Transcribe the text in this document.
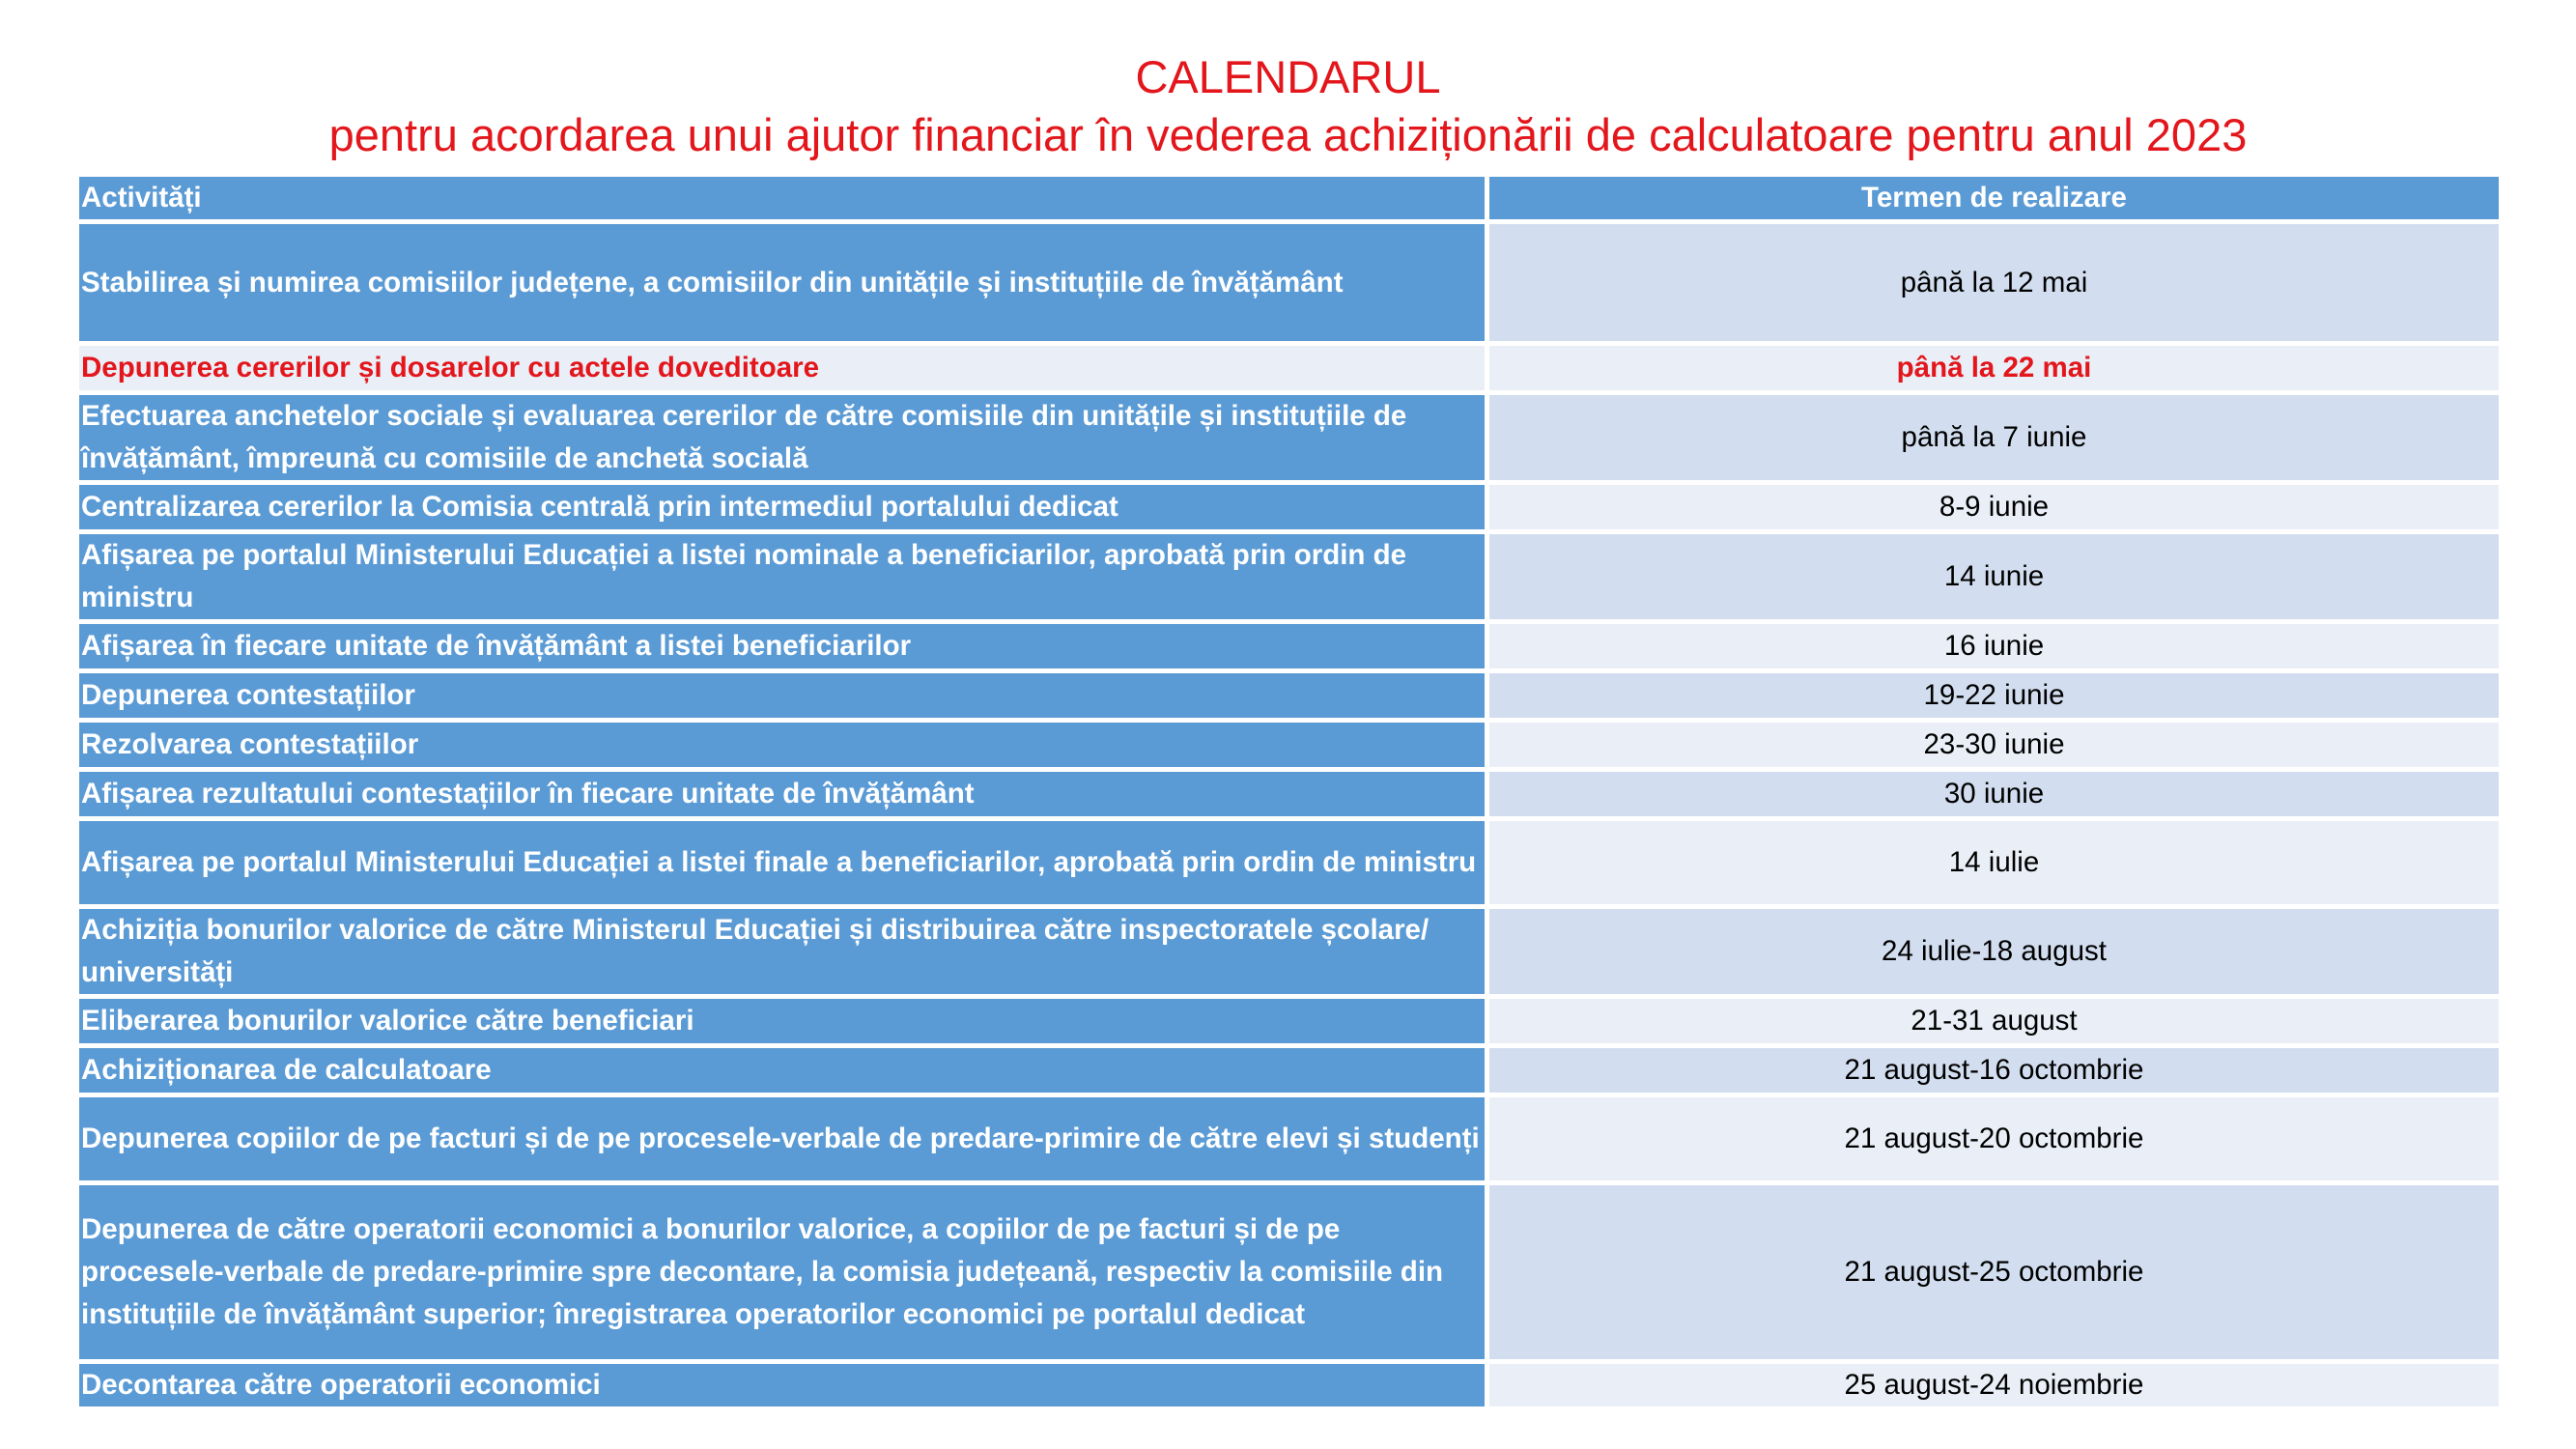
CALENDARUL
pentru acordarea unui ajutor financiar în vederea achiziționării de calculatoare pentru anul 2023
Activități	Termen de realizare
Stabilirea și numirea comisiilor județene, a comisiilor din unitățile și instituțiile de învățământ	până la 12 mai
Depunerea cererilor și dosarelor cu actele doveditoare	până la 22 mai
Efectuarea anchetelor sociale și evaluarea cererilor de către comisiile din unitățile și instituțiile de învățământ, împreună cu comisiile de anchetă socială	până la 7 iunie
Centralizarea cererilor la Comisia centrală prin intermediul portalului dedicat	8-9 iunie
Afișarea pe portalul Ministerului Educației a listei nominale a beneficiarilor, aprobată prin ordin de ministru	14 iunie
Afișarea în fiecare unitate de învățământ a listei beneficiarilor	16 iunie
Depunerea contestațiilor	19-22 iunie
Rezolvarea contestațiilor	23-30 iunie
Afișarea rezultatului contestațiilor în fiecare unitate de învățământ	30 iunie
Afișarea pe portalul Ministerului Educației a listei finale a beneficiarilor, aprobată prin ordin de ministru	14 iulie
Achiziția bonurilor valorice de către Ministerul Educației și distribuirea către inspectoratele școlare/ universități	24 iulie-18 august
Eliberarea bonurilor valorice către beneficiari	21-31 august
Achiziționarea de calculatoare	21 august-16 octombrie
Depunerea copiilor de pe facturi și de pe procesele-verbale de predare-primire de către elevi și studenți	21 august-20 octombrie
Depunerea de către operatorii economici a bonurilor valorice, a copiilor de pe facturi și de pe procesele-verbale de predare-primire spre decontare, la comisia județeană, respectiv la comisiile din instituțiile de învățământ superior; înregistrarea operatorilor economici pe portalul dedicat	21 august-25 octombrie
Decontarea către operatorii economici	25 august-24 noiembrie
